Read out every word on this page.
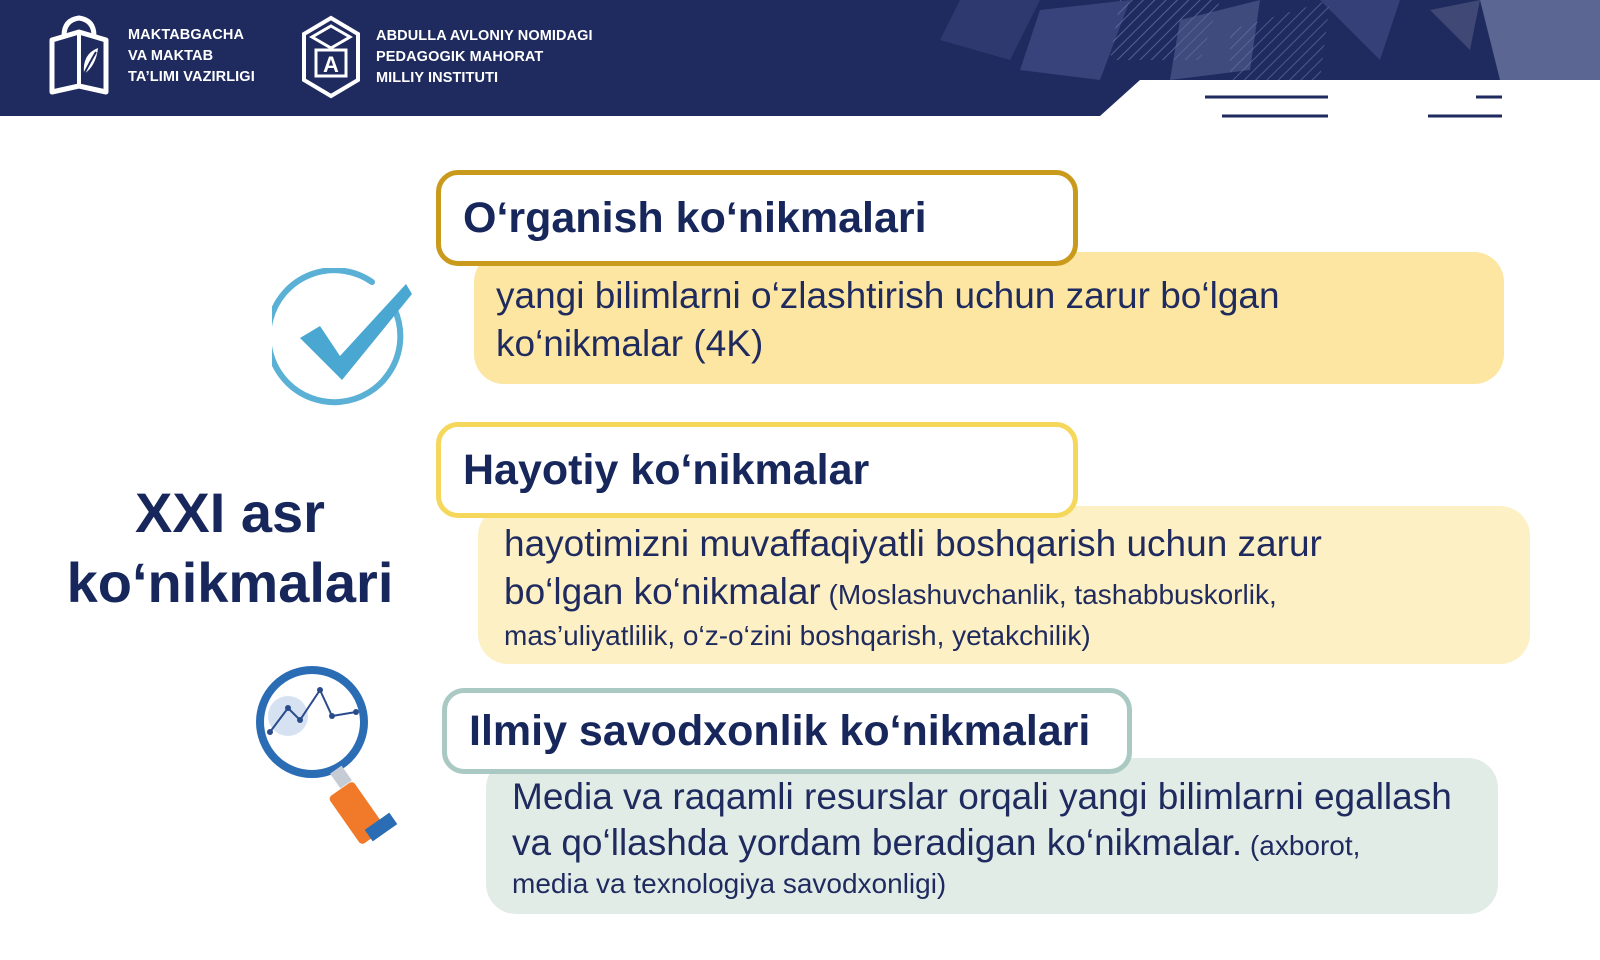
MAKTABGACHA
VA MAKTAB
TA’LIMI VAZIRLIGI	A
ABDULLA AVLONIY NOMIDAGI
PEDAGOGIK MAHORAT
MILLIY INSTITUTI
XXI asr
ko‘nikmalari
O‘rganish ko‘nikmalari
yangi bilimlarni o‘zlashtirish uchun zarur bo‘lgan
ko‘nikmalar (4K)
Hayotiy ko‘nikmalar
hayotimizni muvaffaqiyatli boshqarish uchun zarur
bo‘lgan ko‘nikmalar (Moslashuvchanlik, tashabbuskorlik,
mas’uliyatlilik, o‘z-o‘zini boshqarish, yetakchilik)
Ilmiy savodxonlik ko‘nikmalari
Media va raqamli resurslar orqali yangi bilimlarni egallash
va qo‘llashda yordam beradigan ko‘nikmalar. (axborot,
media va texnologiya savodxonligi)
